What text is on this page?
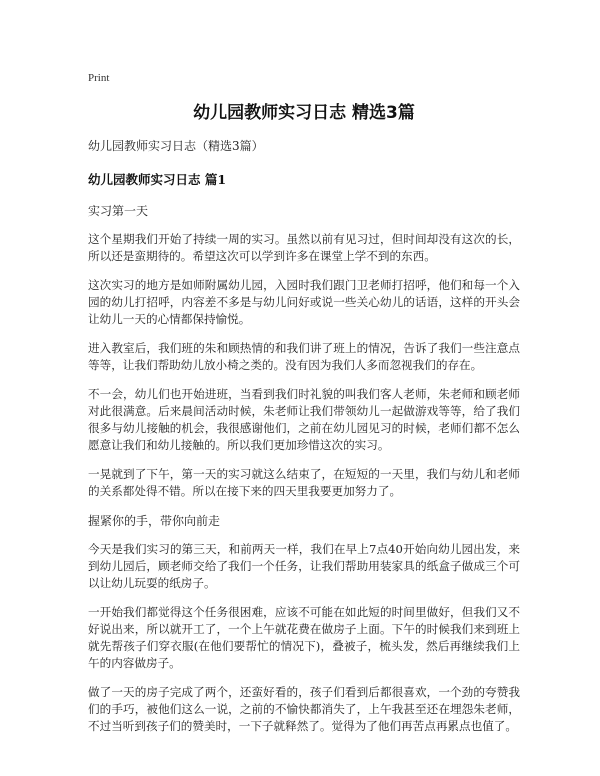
Print
幼儿园教师实习日志 精选3篇
幼儿园教师实习日志（精选3篇）
幼儿园教师实习日志 篇1
实习第一天

这个星期我们开始了持续一周的实习。虽然以前有见习过，但时间却没有这次的长，所以还是蛮期待的。希望这次可以学到许多在课堂上学不到的东西。

这次实习的地方是如师附属幼儿园，入园时我们跟门卫老师打招呼，他们和每一个入园的幼儿打招呼，内容差不多是与幼儿问好或说一些关心幼儿的话语，这样的开头会让幼儿一天的心情都保持愉悦。

进入教室后，我们班的朱和顾热情的和我们讲了班上的情况，告诉了我们一些注意点等等，让我们帮助幼儿放小椅之类的。没有因为我们人多而忽视我们的存在。

不一会，幼儿们也开始进班，当看到我们时礼貌的叫我们客人老师，朱老师和顾老师对此很满意。后来晨间活动时候，朱老师让我们带领幼儿一起做游戏等等，给了我们很多与幼儿接触的机会，我很感谢他们，之前在幼儿园见习的时候，老师们都不怎么愿意让我们和幼儿接触的。所以我们更加珍惜这次的实习。

一晃就到了下午，第一天的实习就这么结束了，在短短的一天里，我们与幼儿和老师的关系都处得不错。所以在接下来的四天里我要更加努力了。

握紧你的手，带你向前走

今天是我们实习的第三天，和前两天一样，我们在早上7点40开始向幼儿园出发，来到幼儿园后，顾老师交给了我们一个任务，让我们帮助用装家具的纸盒子做成三个可以让幼儿玩耍的纸房子。

一开始我们都觉得这个任务很困难，应该不可能在如此短的时间里做好，但我们又不好说出来，所以就开工了，一个上午就花费在做房子上面。下午的时候我们来到班上就先帮孩子们穿衣服(在他们要帮忙的情况下)，叠被子，梳头发，然后再继续我们上午的内容做房子。

做了一天的房子完成了两个，还蛮好看的，孩子们看到后都很喜欢，一个劲的夸赞我们的手巧，被他们这么一说，之前的不愉快都消失了，上午我甚至还在埋怨朱老师，不过当听到孩子们的赞美时，一下子就释然了。觉得为了他们再苦点再累点也值了。
